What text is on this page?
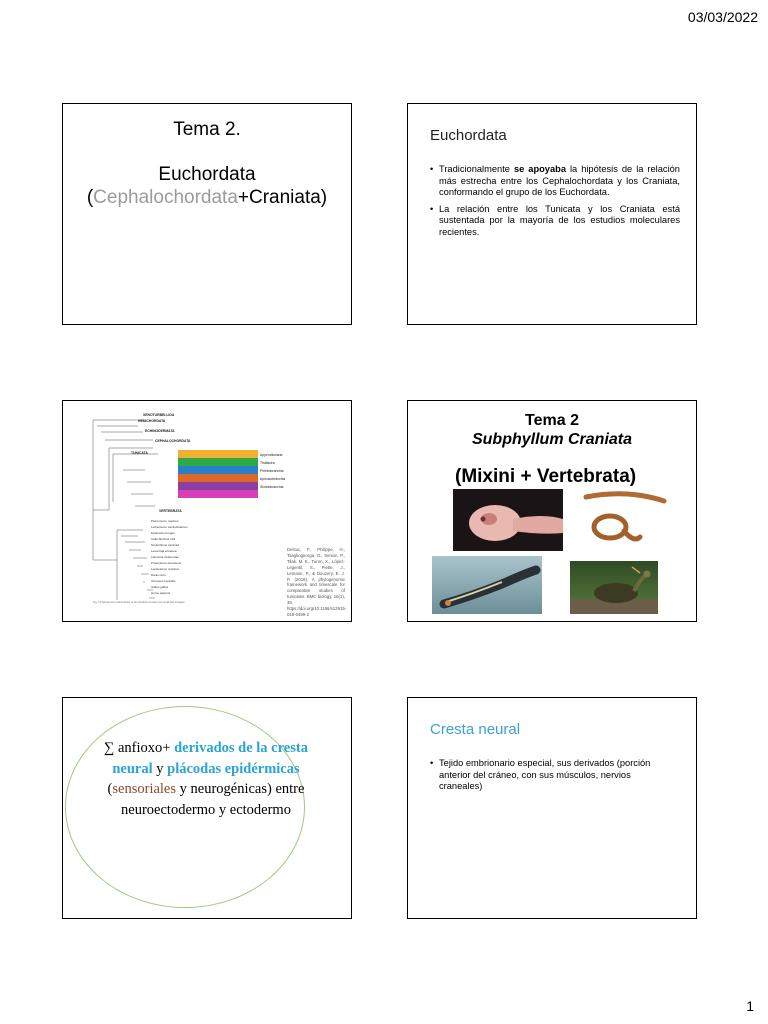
03/03/2022
Tema 2.
Euchordata
(Cephalochordata+Craniata)
Euchordata
• Tradicionalmente se apoyaba la hipótesis de la relación más estrecha entre los Cephalochordata y los Craniata, conformando el grupo de los Euchordata.
• La relación entre los Tunicata y los Craniata está sustentada por la mayoría de los estudios moleculares recientes.
XENOTURBELLIDA
HEMICHORDATA
ECHINODERMATA
CEPHALOCHORDATA
TUNICATA
VERTEBRATA
Appendicularia
Thaliacea
Phlebobranchia
Aplousobranchia
Stolidobranchia
Petromyzon marinus
Lethenteron camtschaticum
Eptatretus burgeri
Callorhinchus milii
Scyliorhinus canicula
Leucoraja erinacea
Latimeria chalumnae
Protopterus annectens
Lepisosteus oculatus
Danio rerio
Xenopus tropicalis
Gallus gallus
Homo sapiens
Fig. 4 Phylogenetic relationships of all included tunicate and vertebrate lineages
Delsuc, F., Philippe, H., Tsagkogeorga, G., Simion, P., Tilak, M. K., Turon, X., López-Legentil, S., Piette, J., Lemaire, P., & Douzery, E. J. P. (2018). A phylogenomic framework and timescale for comparative studies of tunicates. BMC biology, 16(1), 39. https://doi.org/10.1186/s12915-018-0499-2
Tema 2
Subphyllum Craniata
(Mixini + Vertebrata)
∑ anfioxo+ derivados de la cresta neural y plácodas epidérmicas (sensoriales y neurogénicas) entre neuroectodermo y ectodermo
Cresta neural
• Tejido embrionario especial, sus derivados (porción anterior del cráneo, con sus músculos, nervios craneales)
1
